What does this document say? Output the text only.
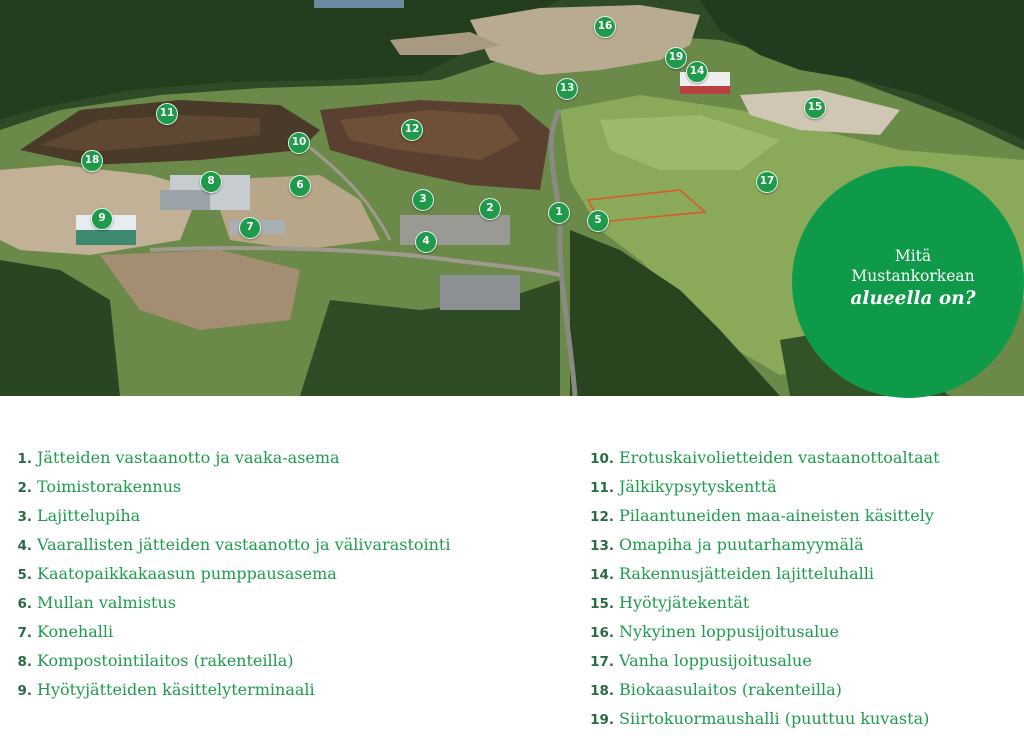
1
2
3
4
5
6
7
8
9
10
11
12
13
14
15
16
17
18
19
Mitä
Mustankorkean
alueella on?
1. Jätteiden vastaanotto ja vaaka-asema
2. Toimistorakennus
3. Lajittelupiha
4. Vaarallisten jätteiden vastaanotto ja välivarastointi
5. Kaatopaikkakaasun pumppausasema
6. Mullan valmistus
7. Konehalli
8. Kompostointilaitos (rakenteilla)
9. Hyötyjätteiden käsittelyterminaali
10. Erotuskaivolietteiden vastaanottoaltaat
11. Jälkikypsytyskenttä
12. Pilaantuneiden maa-aineisten käsittely
13. Omapiha ja puutarhamyymälä
14. Rakennusjätteiden lajitteluhalli
15. Hyötyjätekentät
16. Nykyinen loppusijoitusalue
17. Vanha loppusijoitusalue
18. Biokaasulaitos (rakenteilla)
19. Siirtokuormaushalli (puuttuu kuvasta)
